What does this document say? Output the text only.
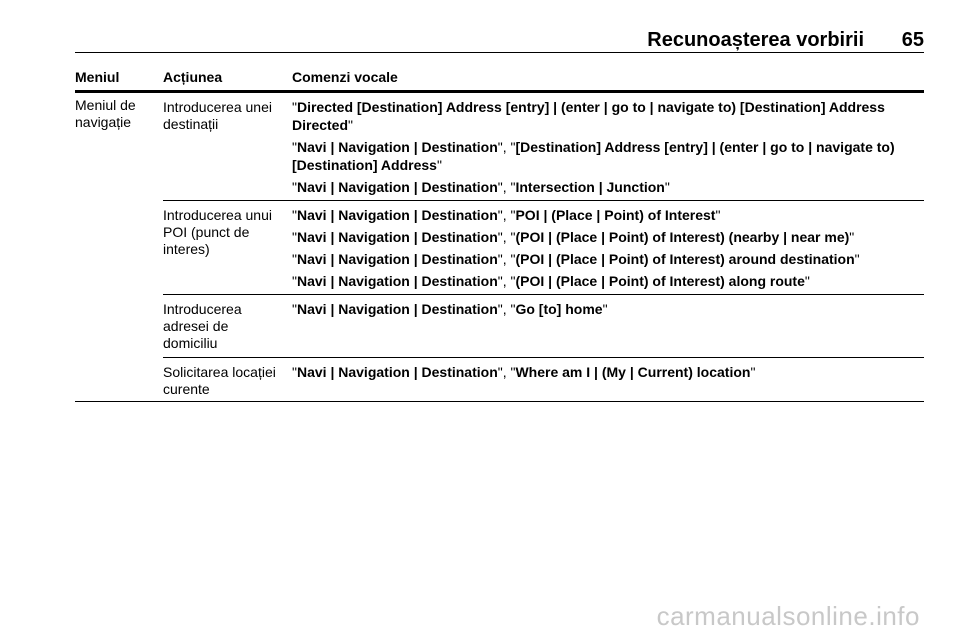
Recunoașterea vorbirii 65
Meniul	Acțiunea	Comenzi vocale
Meniul de navigație
Introducerea unei destinații
"Directed [Destination] Address [entry] | (enter | go to | navigate to) [Destination] Address Directed"
"Navi | Navigation | Destination", "[Destination] Address [entry] | (enter | go to | navigate to) [Destination] Address"
"Navi | Navigation | Destination", "Intersection | Junction"
Introducerea unui POI (punct de interes)
"Navi | Navigation | Destination", "POI | (Place | Point) of Interest"
"Navi | Navigation | Destination", "(POI | (Place | Point) of Interest) (nearby | near me)"
"Navi | Navigation | Destination", "(POI | (Place | Point) of Interest) around destination"
"Navi | Navigation | Destination", "(POI | (Place | Point) of Interest) along route"
Introducerea adresei de domiciliu
"Navi | Navigation | Destination", "Go [to] home"
Solicitarea locației curente
"Navi | Navigation | Destination", "Where am I | (My | Current) location"
carmanualsonline.info
